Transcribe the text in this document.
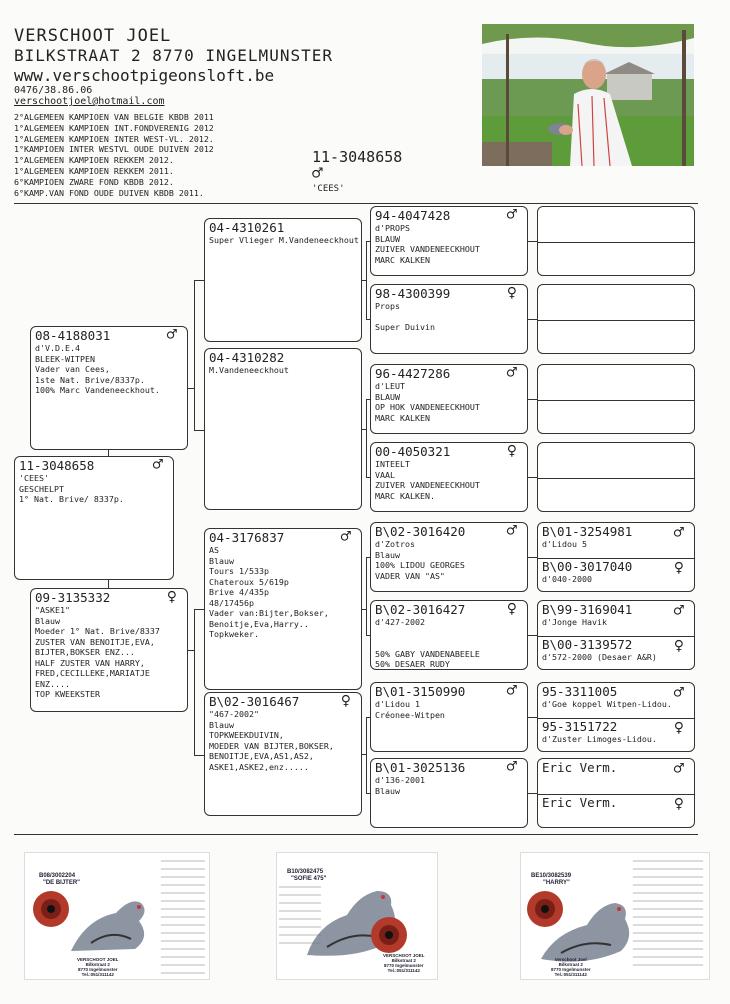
VERSCHOOT JOEL
BILKSTRAAT 2 8770 INGELMUNSTER
www.verschootpigeonsloft.be
0476/38.86.06
verschootjoel@hotmail.com
2°ALGEMEEN KAMPIOEN VAN BELGIE KBDB 2011
1°ALGEMEEN KAMPIOEN INT.FONDVERENIG 2012
1°ALGEMEEN KAMPIOEN INTER WEST-VL. 2012.
1°KAMPIOEN INTER WESTVL OUDE DUIVEN 2012
1°ALGEMEEN KAMPIOEN REKKEM 2012.
1°ALGEMEEN KAMPIOEN REKKEM 2011.
6°KAMPIOEN ZWARE FOND KBDB 2012.
6°KAMP.VAN FOND OUDE DUIVEN KBDB 2011.
11-3048658
♂
'CEES'
11-3048658	♂
'CEES'
GESCHELPT
1° Nat. Brive/ 8337p.
08-4188031	♂
d'V.D.E.4
BLEEK-WITPEN
Vader van Cees,
1ste Nat. Brive/8337p.
100% Marc Vandeneeckhout.
09-3135332	♀
"ASKE1"
Blauw
Moeder 1° Nat. Brive/8337
ZUSTER VAN BENOITJE,EVA,
BIJTER,BOKSER ENZ...
HALF ZUSTER VAN HARRY,
FRED,CECILLEKE,MARIATJE
ENZ....
TOP KWEEKSTER
04-4310261
Super Vlieger M.Vandeneeckhout
04-4310282
M.Vandeneeckhout
04-3176837	♂
AS
Blauw
Tours 1/533p
Chateroux 5/619p
Brive 4/435p
48/17456p
Vader van:Bijter,Bokser,
Benoitje,Eva,Harry..
Topkweker.
B\02-3016467	♀
"467-2002"
Blauw
TOPKWEEKDUIVIN,
MOEDER VAN BIJTER,BOKSER,
BENOITJE,EVA,AS1,AS2,
ASKE1,ASKE2,enz.....
94-4047428	♂
d'PROPS
BLAUW
ZUIVER VANDENEECKHOUT
MARC KALKEN
98-4300399	♀
Props

Super Duivin
96-4427286	♂
d'LEUT
BLAUW
OP HOK VANDENEECKHOUT
MARC KALKEN
00-4050321	♀
INTEELT
VAAL
ZUIVER VANDENEECKHOUT
MARC KALKEN.
B\02-3016420	♂
d'Zotros
Blauw
100% LIDOU GEORGES
VADER VAN "AS"
B\02-3016427	♀
d'427-2002

50% GABY VANDENABEELE
50% DESAER RUDY
B\01-3150990	♂
d'Lidou 1
Créonee-Witpen
B\01-3025136	♂
d'136-2001
Blauw
B\01-3254981	♂
d'Lidou 5
B\00-3017040	♀
d'040-2000
B\99-3169041	♂
d'Jonge Havik
B\00-3139572	♀
d'572-2000 (Desaer A&R)
95-3311005	♂
d'Goe koppel Witpen-Lidou.
95-3151722	♀
d'Zuster Limoges-Lidou.
Eric Verm.	♂
Eric Verm.	♀
B08/3002204
"DE BIJTER"
VERSCHOOT JOEL
Bilkstraat 2
8770 Ingelmunster
Tel.:051/311142
B10/3082475
"SOFIE 475"
VERSCHOOT JOEL
Bilkstraat 2
8770 Ingelmunster
Tel.:051/311142
BE10/3082539
"HARRY"
Verschoot Joel
Bilkstraat 2
8770 Ingelmunster
Tel.:051/311142
